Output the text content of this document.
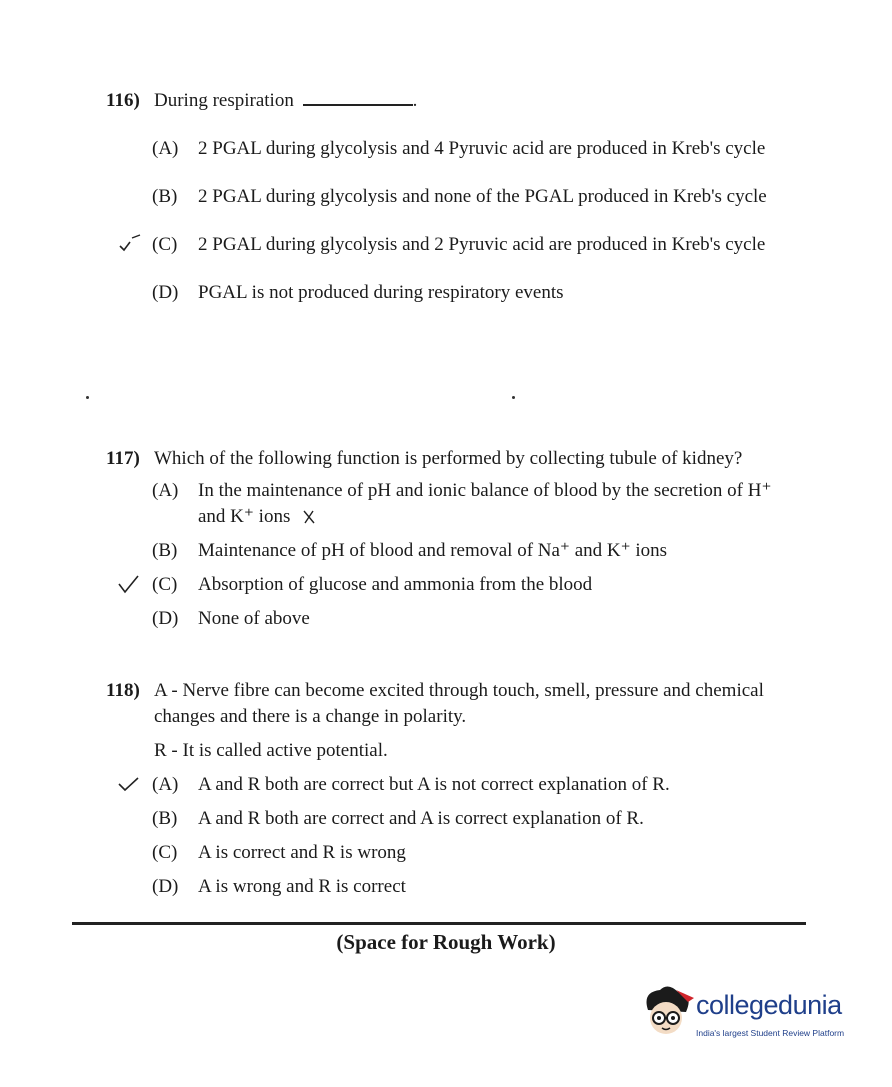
116) During respiration	.
(A)	2 PGAL during glycolysis and 4 Pyruvic acid are produced in Kreb's cycle
(B)	2 PGAL during glycolysis and none of the PGAL produced in Kreb's cycle
(C)	2 PGAL during glycolysis and 2 Pyruvic acid are produced in Kreb's cycle
(D)	PGAL is not produced during respiratory events
117) Which of the following function is performed by collecting tubule of kidney?
(A)	In the maintenance of pH and ionic balance of blood by the secretion of H⁺ and K⁺ ions
(B)	Maintenance of pH of blood and removal of Na⁺ and K⁺ ions
(C)	Absorption of glucose and ammonia from the blood
(D)	None of above
118) A - Nerve fibre can become excited through touch, smell, pressure and chemical changes and there is a change in polarity.
R - It is called active potential.
(A)	A and R both are correct but A is not correct explanation of R.
(B)	A and R both are correct and A is correct explanation of R.
(C)	A is correct and R is wrong
(D)	A is wrong and R is correct
(Space for Rough Work)
collegedunia
India's largest Student Review Platform
